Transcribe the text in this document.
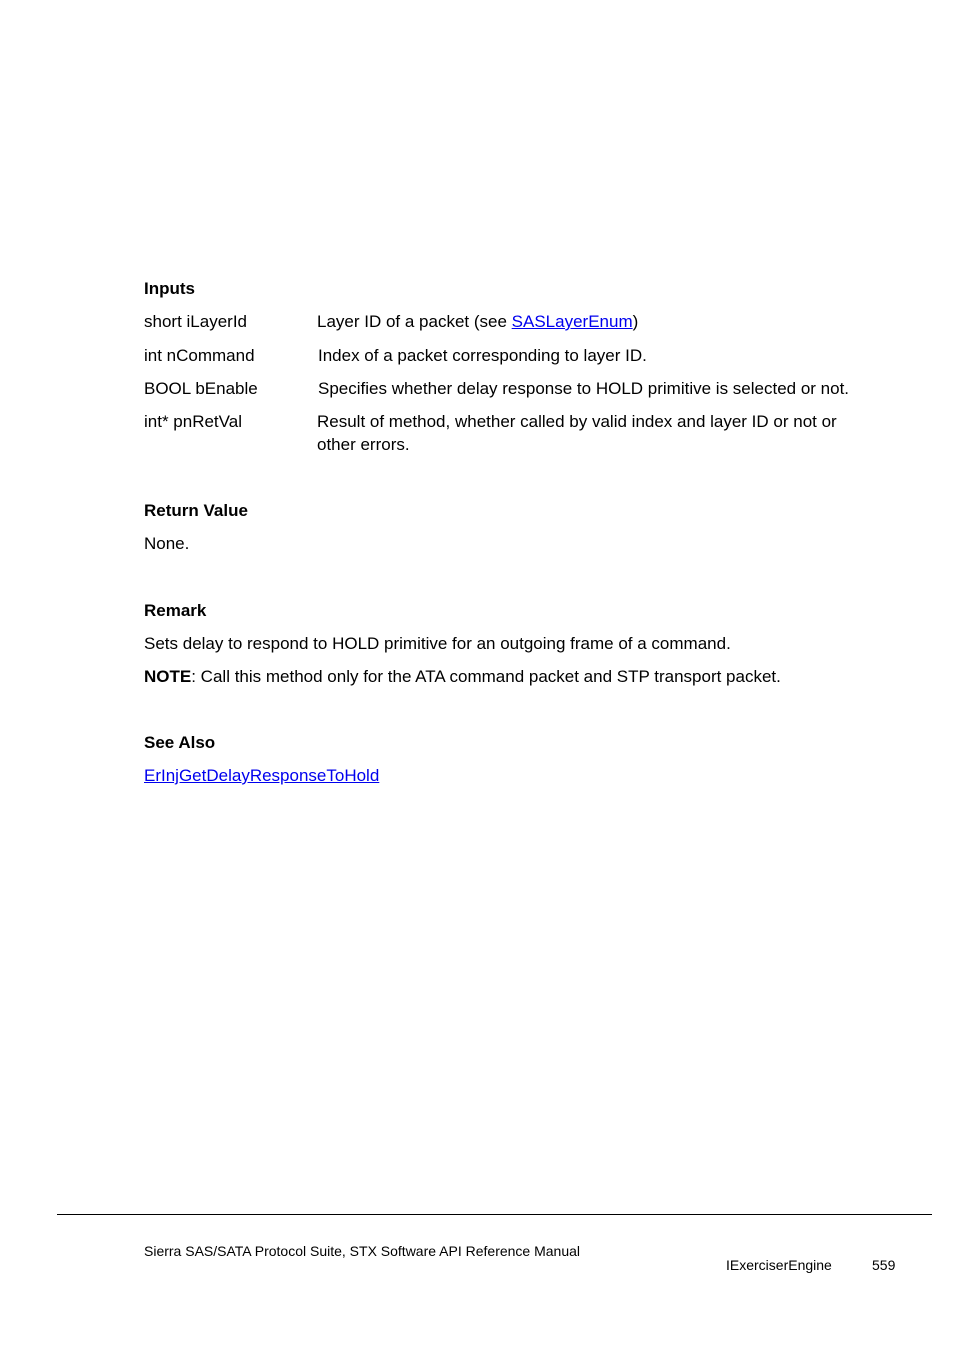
Inputs
short iLayerId	Layer ID of a packet (see SASLayerEnum)
int nCommand	Index of a packet corresponding to layer ID.
BOOL bEnable	Specifies whether delay response to HOLD primitive is selected or not.
int* pnRetVal	Result of method, whether called by valid index and layer ID or not or
other errors.
Return Value
None.
Remark
Sets delay to respond to HOLD primitive for an outgoing frame of a command.
NOTE: Call this method only for the ATA command packet and STP transport packet.
See Also
ErInjGetDelayResponseToHold
Sierra SAS/SATA Protocol Suite, STX Software API Reference Manual
IExerciserEngine	559
